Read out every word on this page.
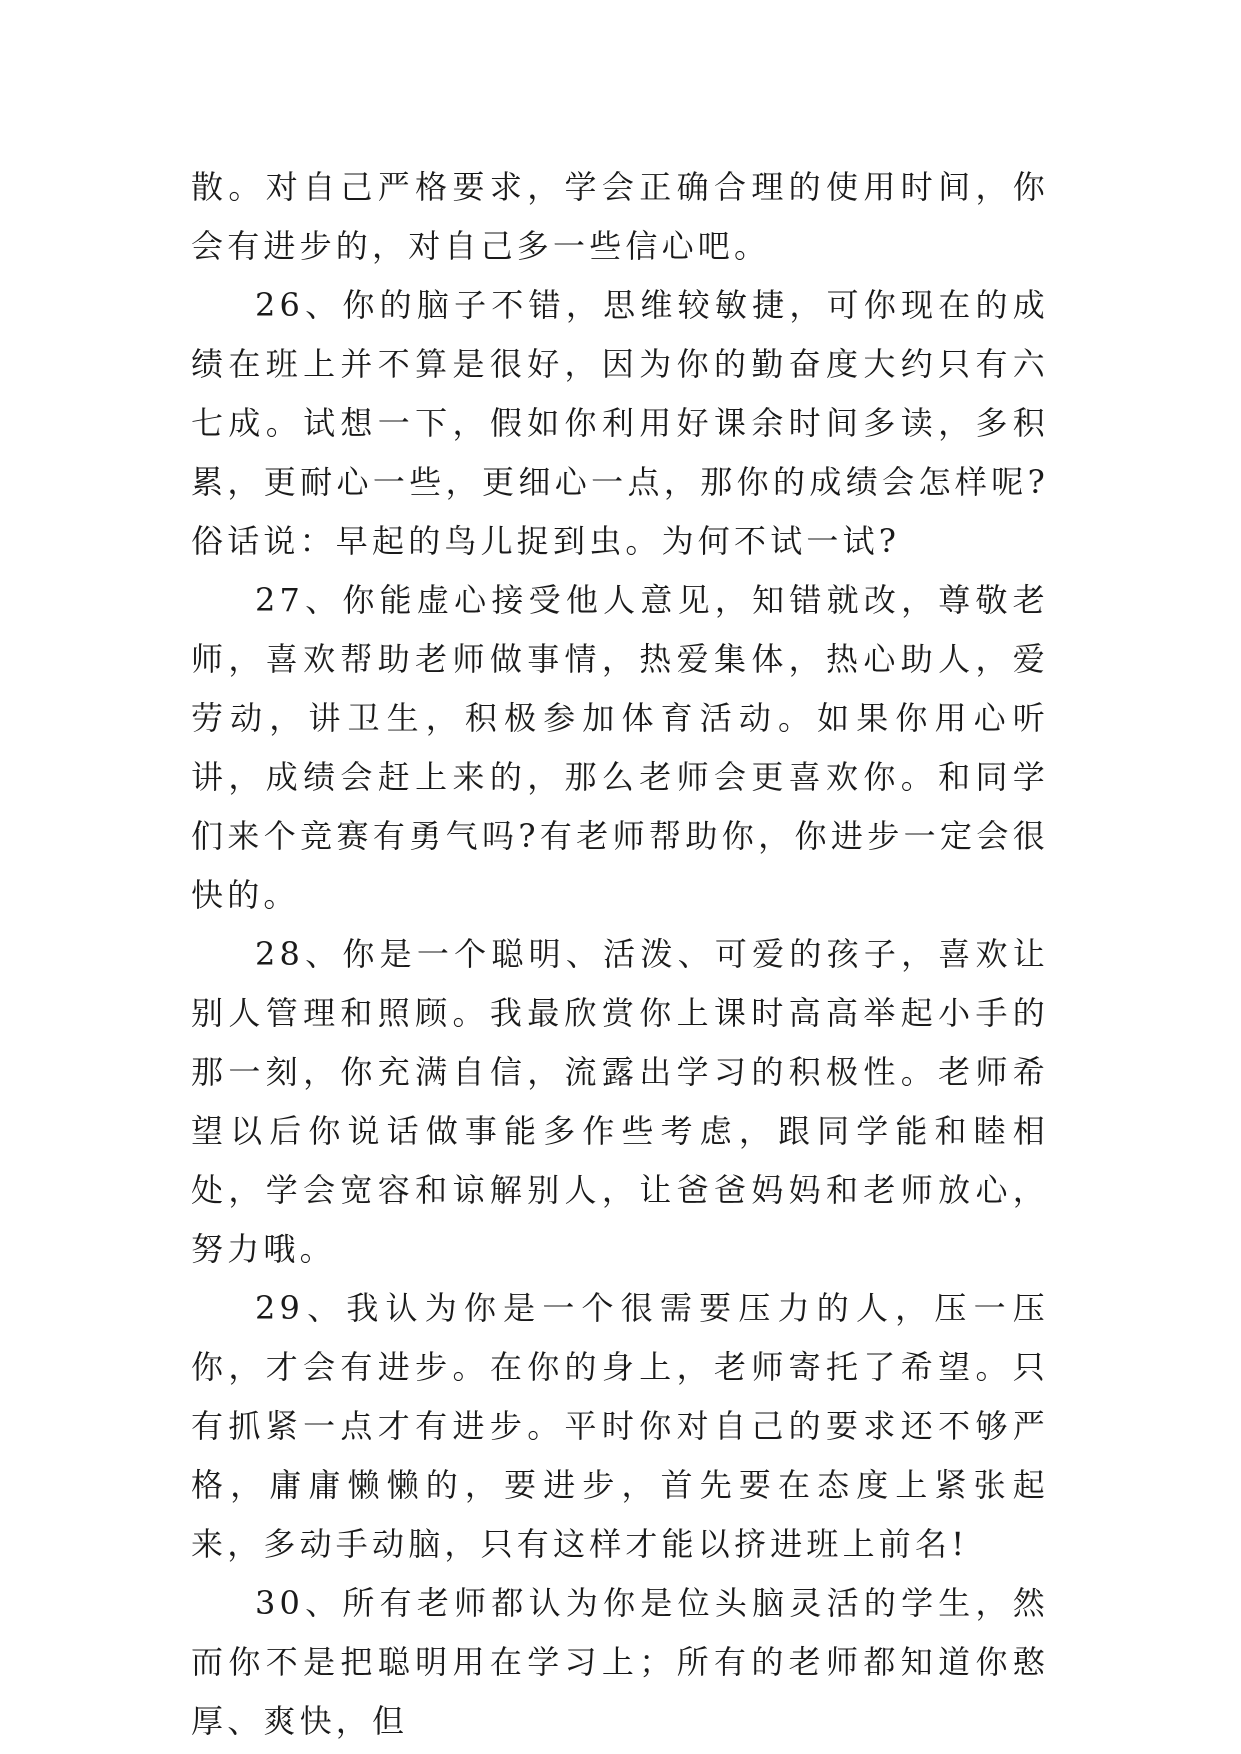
散。对自己严格要求，学会正确合理的使用时间，你会有进步的，对自己多一些信心吧。

26、你的脑子不错，思维较敏捷，可你现在的成绩在班上并不算是很好，因为你的勤奋度大约只有六七成。试想一下，假如你利用好课余时间多读，多积累，更耐心一些，更细心一点，那你的成绩会怎样呢?俗话说：早起的鸟儿捉到虫。为何不试一试?

27、你能虚心接受他人意见，知错就改，尊敬老师，喜欢帮助老师做事情，热爱集体，热心助人，爱劳动，讲卫生，积极参加体育活动。如果你用心听讲，成绩会赶上来的，那么老师会更喜欢你。和同学们来个竞赛有勇气吗?有老师帮助你，你进步一定会很快的。

28、你是一个聪明、活泼、可爱的孩子，喜欢让别人管理和照顾。我最欣赏你上课时高高举起小手的那一刻，你充满自信，流露出学习的积极性。老师希望以后你说话做事能多作些考虑，跟同学能和睦相处，学会宽容和谅解别人，让爸爸妈妈和老师放心，努力哦。

29、我认为你是一个很需要压力的人，压一压你，才会有进步。在你的身上，老师寄托了希望。只有抓紧一点才有进步。平时你对自己的要求还不够严格，庸庸懒懒的，要进步，首先要在态度上紧张起来，多动手动脑，只有这样才能以挤进班上前名!

30、所有老师都认为你是位头脑灵活的学生，然而你不是把聪明用在学习上；所有的老师都知道你憨厚、爽快，但
